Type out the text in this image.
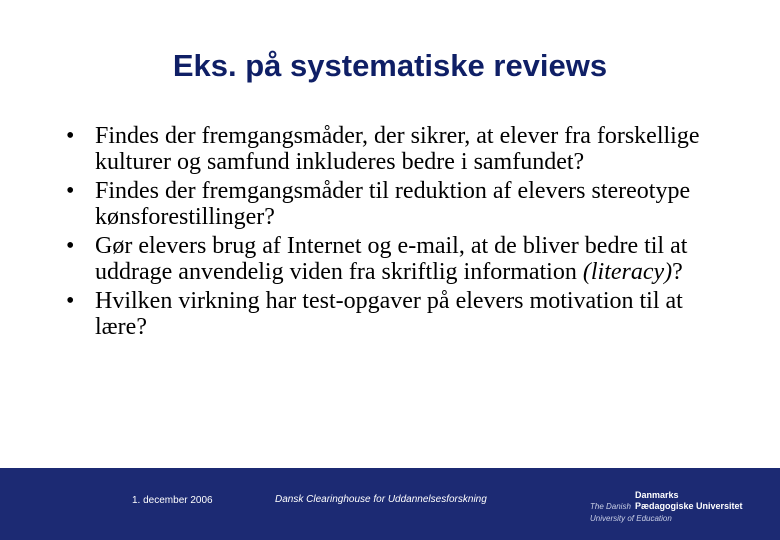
Eks. på systematiske reviews
• Findes der fremgangsmåder, der sikrer, at elever fra forskellige kulturer og samfund inkluderes bedre i samfundet?
• Findes der fremgangsmåder til reduktion af elevers stereotype kønsforestillinger?
• Gør elevers brug af Internet og e-mail, at de bliver bedre til at uddrage anvendelig viden fra skriftlig information (literacy)?
• Hvilken virkning har test-opgaver på elevers motivation til at lære?
1. december 2006	Dansk Clearinghouse for Uddannelsesforskning	Danmarks
The Danish Pædagogiske Universitet
University of Education
